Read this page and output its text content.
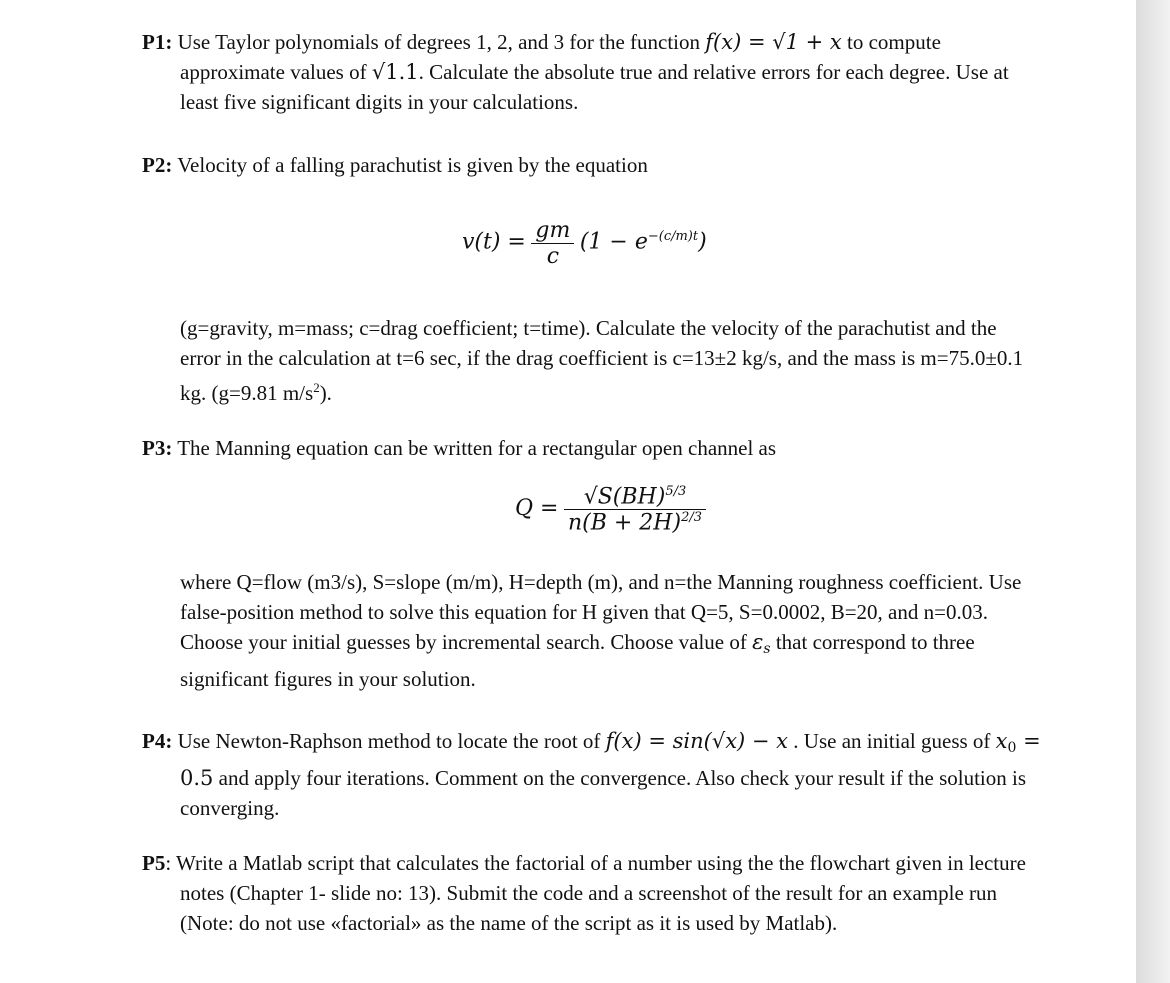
P1: Use Taylor polynomials of degrees 1, 2, and 3 for the function f(x) = √1 + x to compute approximate values of √1.1. Calculate the absolute true and relative errors for each degree. Use at least five significant digits in your calculations.
P2: Velocity of a falling parachutist is given by the equation
$v(t) = \frac{gm}{c} (1 - e^{-(c/m)t})$
(g=gravity, m=mass; c=drag coefficient; t=time). Calculate the velocity of the parachutist and the error in the calculation at t=6 sec, if the drag coefficient is c=13±2 kg/s, and the mass is m=75.0±0.1 kg. (g=9.81 $m/s^2$).
P3: The Manning equation can be written for a rectangular open channel as
$Q = \frac{√S(BH)^{5/3}}{n(B + 2H)^{2/3}}$
where Q=flow (m3/s), S=slope (m/m), H=depth (m), and n=the Manning roughness coefficient. Use false-position method to solve this equation for H given that Q=5, S=0.0002, B=20, and n=0.03. Choose your initial guesses by incremental search. Choose value of $\varepsilon_s$ that correspond to three significant figures in your solution.
P4: Use Newton-Raphson method to locate the root of f(x) = sin(√x) − x . Use an initial guess of $x_0 = 0.5$ and apply four iterations. Comment on the convergence. Also check your result if the solution is converging.
P5: Write a Matlab script that calculates the factorial of a number using the the flowchart given in lecture notes (Chapter 1- slide no: 13). Submit the code and a screenshot of the result for an example run (Note: do not use «factorial» as the name of the script as it is used by Matlab).
